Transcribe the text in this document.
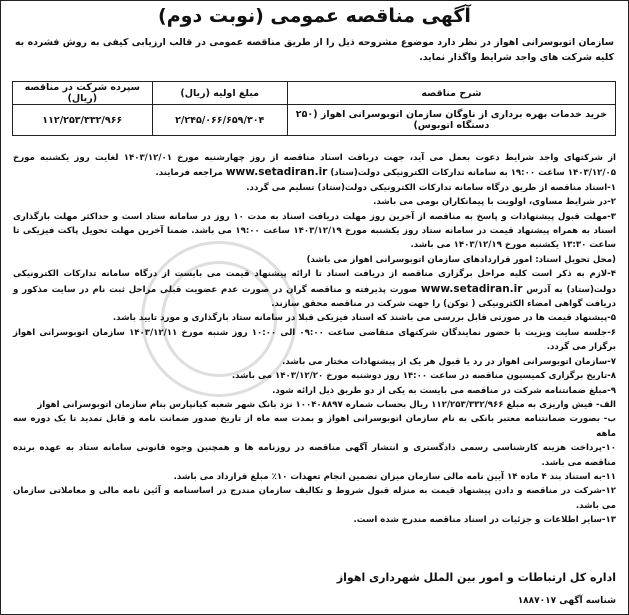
آگهی مناقصه عمومی (نوبت دوم)
سازمان اتوبوسرانی اهواز در نظر دارد موضوع مشروحه ذیل را از طریق مناقصه عمومی در قالب ارزیابی کیفی به روش فشرده به کلیه شرکت های واجد شرایط واگذار نماید.
شرح مناقصه	مبلغ اولیه (ریال)	سپرده شرکت در مناقصه (ریال)
خرید خدمات بهره برداری از ناوگان سازمان اتوبوسرانی اهواز (۲۵۰ دستگاه اتوبوس)	۲/۲۴۵/۰۶۶/۶۵۹/۳۰۴	۱۱۲/۲۵۳/۳۳۲/۹۶۶

از شرکتهای واجد شرایط دعوت بعمل می آید، جهت دریافت اسناد مناقصه از روز چهارشنبه مورخ ۱۴۰۳/۱۲/۰۱ لغایت روز یکشنبه مورخ ۱۴۰۳/۱۲/۰۵ ساعت ۱۹:۰۰ به سامانه تدارکات الکترونیکی دولت(ستاد) www.setadiran.ir مراجعه فرمایند.

۱-اسناد مناقصه از طریق درگاه سامانه تدارکات الکترونیکی دولت(ستاد) تسلیم می گردد.

۲-در شرایط مساوی، اولویت با پیمانکاران بومی می باشد.

۳-مهلت قبول پیشنهادات و پاسخ به مناقصه از آخرین روز مهلت دریافت اسناد به مدت ۱۰ روز در سامانه ستاد است و حداکثر مهلت بارگذاری اسناد به همراه پیشنهاد قیمت در سامانه ستاد روز یکشنبه مورخ ۱۴۰۳/۱۲/۱۹ ساعت ۱۹:۰۰ می باشد. ضمنا آخرین مهلت تحویل پاکت فیزیکی تا ساعت ۱۳:۳۰ یکشنبه مورخ ۱۴۰۳/۱۲/۱۹ می باشد.

(محل تحویل اسناد: امور قراردادهای سازمان اتوبوسرانی اهواز می باشد)

۴-لازم به ذکر است کلیه مراحل برگزاری مناقصه از دریافت اسناد تا ارائه پیشنهاد قیمت می بایست از درگاه سامانه تدارکات الکترونیکی دولت(ستاد) به آدرس www.setadiran.ir صورت پذیرفته و مناقصه گران در صورت عدم عضویت قبلی مراحل ثبت نام در سایت مذکور و دریافت گواهی امضاء الکترونیکی ( توکن) را جهت شرکت در مناقصه محقق سازند.

۵-پیشنهاد قیمت ها در صورتی قابل بررسی می باشند که اسناد فیزیکی قبلا در سامانه ستاد بارگذاری و مورد تایید باشد.

۶-جلسه سایت ویزیت با حضور نمایندگان شرکتهای متقاضی ساعت ۰۹:۰۰ الی ۱۰:۰۰ روز شنبه مورخ ۱۴۰۳/۱۲/۱۱ سازمان اتوبوسرانی اهواز برگزار می گردد.

۷-سازمان اتوبوسرانی اهواز در رد یا قبول هر یک از پیشنهادات مختار می باشد.

۸-تاریخ برگزاری کمیسیون مناقصه در ساعت ۱۴:۰۰ روز دوشنبه مورخ ۱۴۰۳/۱۲/۲۰ می باشد.

۹-مبلغ ضمانتنامه شرکت در مناقصه می بایست به یکی از دو طریق ذیل ارائه شود.

الف- فیش واریزی به مبلغ ۱۱۲/۲۵۳/۳۳۲/۹۶۶ ریال بحساب شماره ۱۰۰۴۰۸۸۹۷ نزد بانک شهر شعبه کیانپارس بنام سازمان اتوبوسرانی اهواز

ب- بصورت ضمانتنامه معتبر بانکی به نام سازمان اتوبوسرانی اهواز و بمدت سه ماه از تاریخ صدور ضمانت نامه و قابل تمدید تا یک دوره سه ماهه

۱۰-پرداخت هزینه کارشناسی رسمی دادگستری و انتشار آگهی مناقصه در روزنامه ها و همچنین وجوه قانونی سامانه ستاد به عهده برنده مناقصه می باشد.

۱۱-به استناد بند ۴ ماده ۱۴ آیین نامه مالی سازمان میزان تضمین انجام تعهدات ۱۰٪ مبلغ قرارداد می باشد.

۱۲-شرکت در مناقصه و دادن پیشنهاد قیمت به منزله قبول شروط و تکالیف سازمان مندرج در اساسنامه و آئین نامه مالی و معاملاتی سازمان می باشد.

۱۳-سایر اطلاعات و جزئیات در اسناد مناقصه مندرج شده است.

اداره کل ارتباطات و امور بین الملل شهرداری اهواز
شناسه آگهی ۱۸۸۷۰۱۷
